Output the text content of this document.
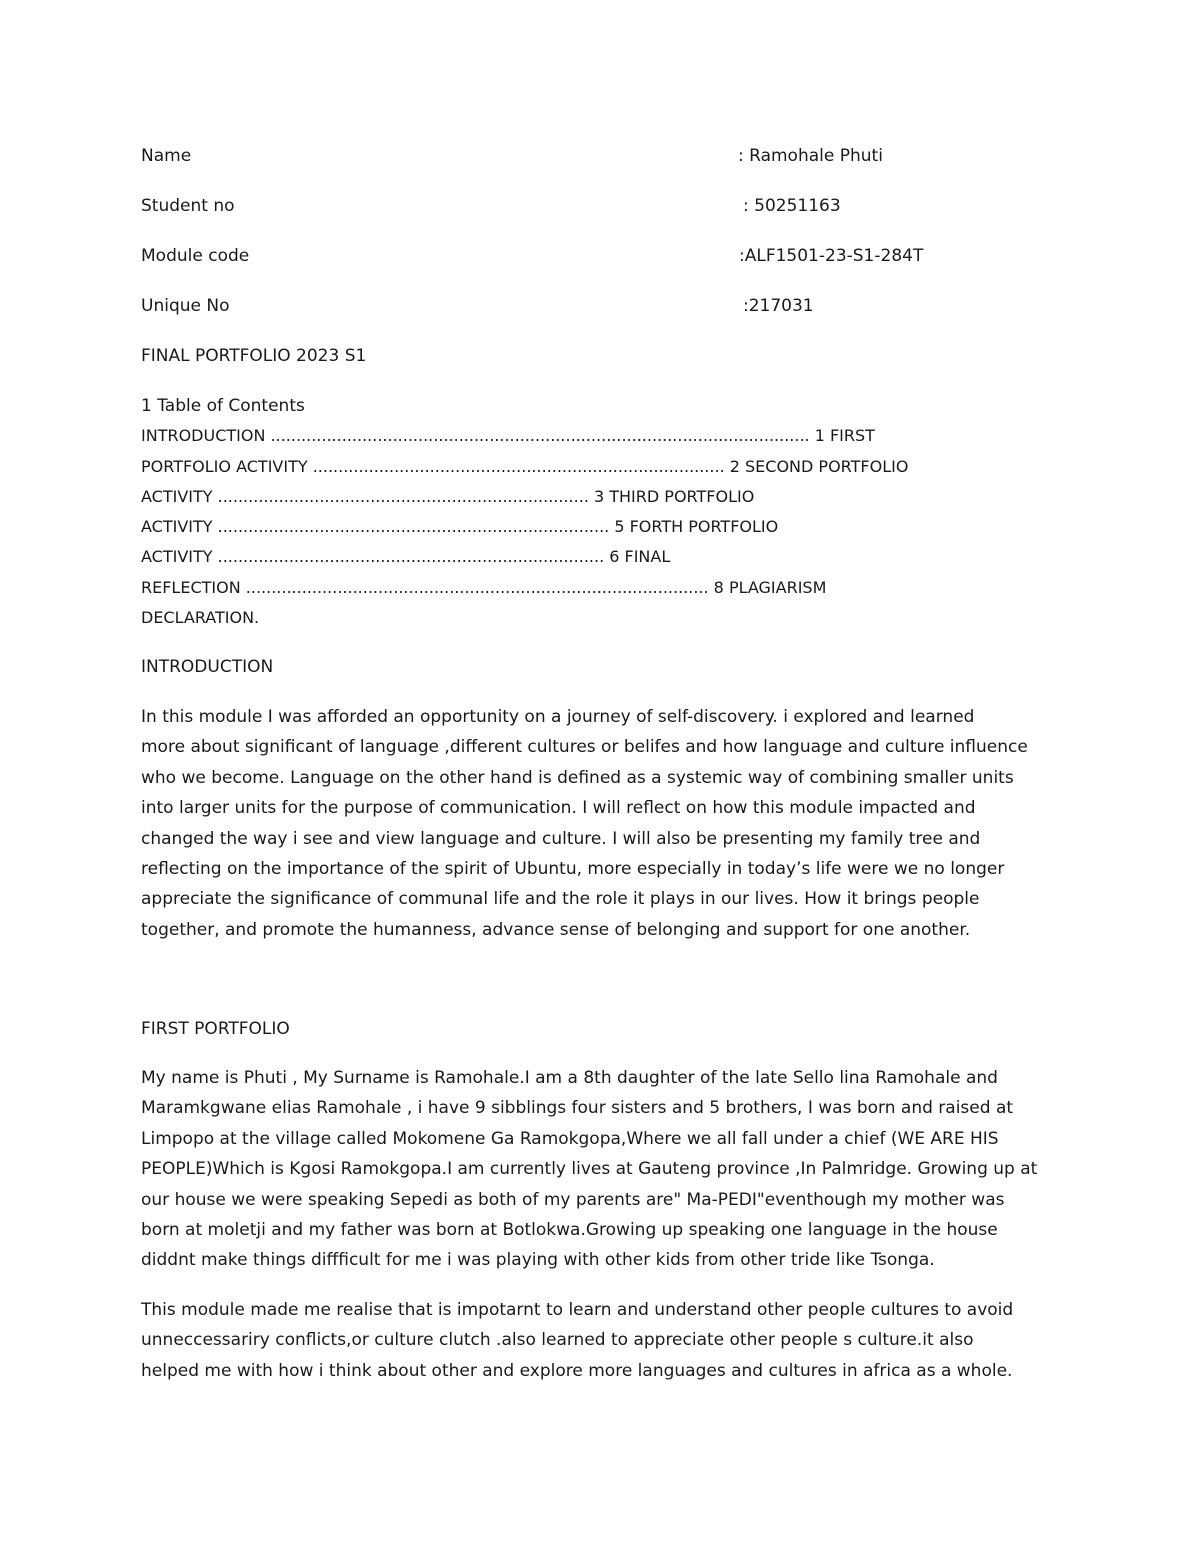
Name	: Ramohale Phuti
Student no	: 50251163
Module code	:ALF1501-23-S1-284T
Unique No	:217031
FINAL PORTFOLIO 2023 S1
1 Table of Contents
INTRODUCTION .......................................................................................................... 1 FIRST
PORTFOLIO ACTIVITY ................................................................................. 2 SECOND PORTFOLIO
ACTIVITY ......................................................................... 3 THIRD PORTFOLIO
ACTIVITY ............................................................................. 5 FORTH PORTFOLIO
ACTIVITY ............................................................................ 6 FINAL
REFLECTION ........................................................................................... 8 PLAGIARISM
DECLARATION.
INTRODUCTION
In this module I was afforded an opportunity on a journey of self-discovery. i explored and learned
more about significant of language ,different cultures or belifes and how language and culture influence
who we become. Language on the other hand is defined as a systemic way of combining smaller units
into larger units for the purpose of communication. I will reflect on how this module impacted and
changed the way i see and view language and culture. I will also be presenting my family tree and
reflecting on the importance of the spirit of Ubuntu, more especially in today’s life were we no longer
appreciate the significance of communal life and the role it plays in our lives. How it brings people
together, and promote the humanness, advance sense of belonging and support for one another.
FIRST PORTFOLIO
My name is Phuti , My Surname is Ramohale.I am a 8th daughter of the late Sello lina Ramohale and
Maramkgwane elias Ramohale , i have 9 sibblings four sisters and 5 brothers, I was born and raised at
Limpopo at the village called Mokomene Ga Ramokgopa,Where we all fall under a chief (WE ARE HIS
PEOPLE)Which is Kgosi Ramokgopa.I am currently lives at Gauteng province ,In Palmridge. Growing up at
our house we were speaking Sepedi as both of my parents are" Ma-PEDI"eventhough my mother was
born at moletji and my father was born at Botlokwa.Growing up speaking one language in the house
diddnt make things diffficult for me i was playing with other kids from other tride like Tsonga.
This module made me realise that is impotarnt to learn and understand other people cultures to avoid
unneccessariry conflicts,or culture clutch .also learned to appreciate other people s culture.it also
helped me with how i think about other and explore more languages and cultures in africa as a whole.
